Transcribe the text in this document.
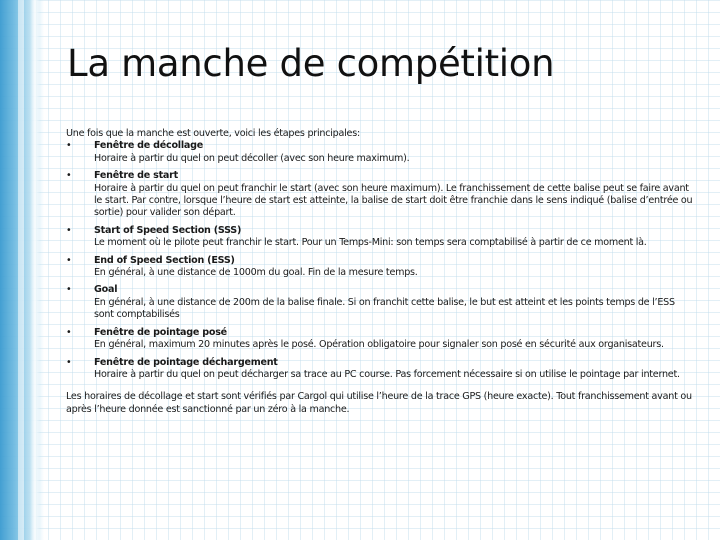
La manche de compétition

Une fois que la manche est ouverte, voici les étapes principales:

• Fenêtre de décollage
Horaire à partir du quel on peut décoller (avec son heure maximum).
• Fenêtre de start
Horaire à partir du quel on peut franchir le start (avec son heure maximum). Le franchissement de cette balise peut se faire avant le start. Par contre, lorsque l’heure de start est atteinte, la balise de start doit être franchie dans le sens indiqué (balise d’entrée ou sortie) pour valider son départ.
• Start of Speed Section (SSS)
Le moment où le pilote peut franchir le start. Pour un Temps-Mini: son temps sera comptabilisé à partir de ce moment là.
• End of Speed Section (ESS)
En général, à une distance de 1000m du goal. Fin de la mesure temps.
• Goal
En général, à une distance de 200m de la balise finale. Si on franchit cette balise, le but est atteint et les points temps de l’ESS sont comptabilisés
• Fenêtre de pointage posé
En général, maximum 20 minutes après le posé. Opération obligatoire pour signaler son posé en sécurité aux organisateurs.
• Fenêtre de pointage déchargement
Horaire à partir du quel on peut décharger sa trace au PC course. Pas forcement nécessaire si on utilise le pointage par internet.

Les horaires de décollage et start sont vérifiés par Cargol qui utilise l’heure de la trace GPS (heure exacte). Tout franchissement avant ou après l’heure donnée est sanctionné par un zéro à la manche.
